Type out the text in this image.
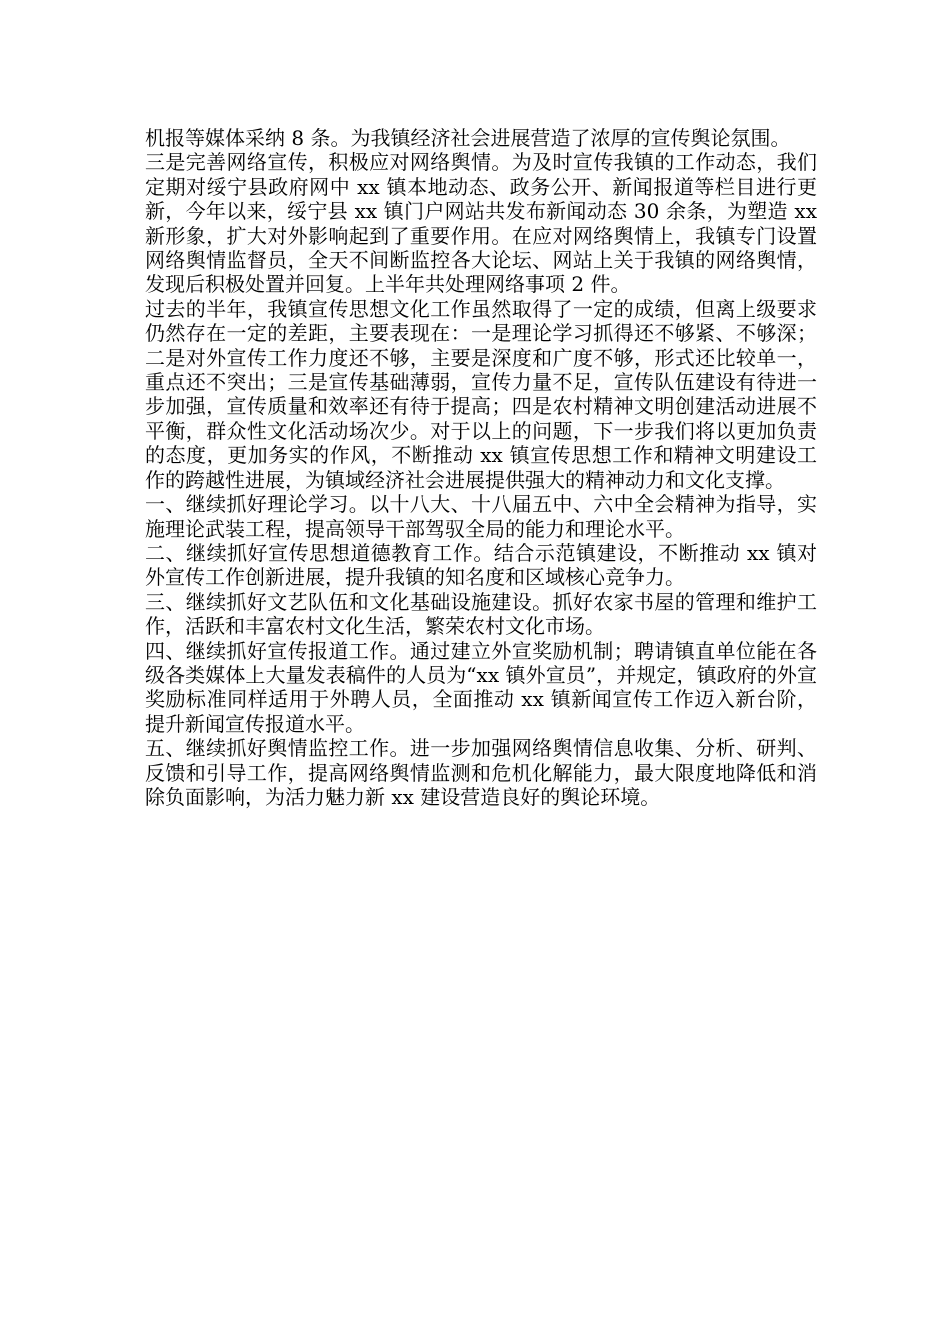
机报等媒体采纳 8 条。为我镇经济社会进展营造了浓厚的宣传舆论氛围。

三是完善网络宣传，积极应对网络舆情。为及时宣传我镇的工作动态，我们定期对绥宁县政府网中 xx 镇本地动态、政务公开、新闻报道等栏目进行更新，今年以来，绥宁县 xx 镇门户网站共发布新闻动态 30 余条，为塑造 xx 新形象，扩大对外影响起到了重要作用。在应对网络舆情上，我镇专门设置网络舆情监督员，全天不间断监控各大论坛、网站上关于我镇的网络舆情，发现后积极处置并回复。上半年共处理网络事项 2 件。

过去的半年，我镇宣传思想文化工作虽然取得了一定的成绩，但离上级要求仍然存在一定的差距，主要表现在：一是理论学习抓得还不够紧、不够深；二是对外宣传工作力度还不够，主要是深度和广度不够，形式还比较单一，重点还不突出；三是宣传基础薄弱，宣传力量不足，宣传队伍建设有待进一步加强，宣传质量和效率还有待于提高；四是农村精神文明创建活动进展不平衡，群众性文化活动场次少。对于以上的问题，下一步我们将以更加负责的态度，更加务实的作风，不断推动 xx 镇宣传思想工作和精神文明建设工作的跨越性进展，为镇域经济社会进展提供强大的精神动力和文化支撑。

一、继续抓好理论学习。以十八大、十八届五中、六中全会精神为指导，实施理论武装工程，提高领导干部驾驭全局的能力和理论水平。

二、继续抓好宣传思想道德教育工作。结合示范镇建设，不断推动 xx 镇对外宣传工作创新进展，提升我镇的知名度和区域核心竞争力。

三、继续抓好文艺队伍和文化基础设施建设。抓好农家书屋的管理和维护工作，活跃和丰富农村文化生活，繁荣农村文化市场。

四、继续抓好宣传报道工作。通过建立外宣奖励机制；聘请镇直单位能在各级各类媒体上大量发表稿件的人员为“xx 镇外宣员”，并规定，镇政府的外宣奖励标准同样适用于外聘人员，全面推动 xx 镇新闻宣传工作迈入新台阶，提升新闻宣传报道水平。

五、继续抓好舆情监控工作。进一步加强网络舆情信息收集、分析、研判、反馈和引导工作，提高网络舆情监测和危机化解能力，最大限度地降低和消除负面影响，为活力魅力新 xx 建设营造良好的舆论环境。
